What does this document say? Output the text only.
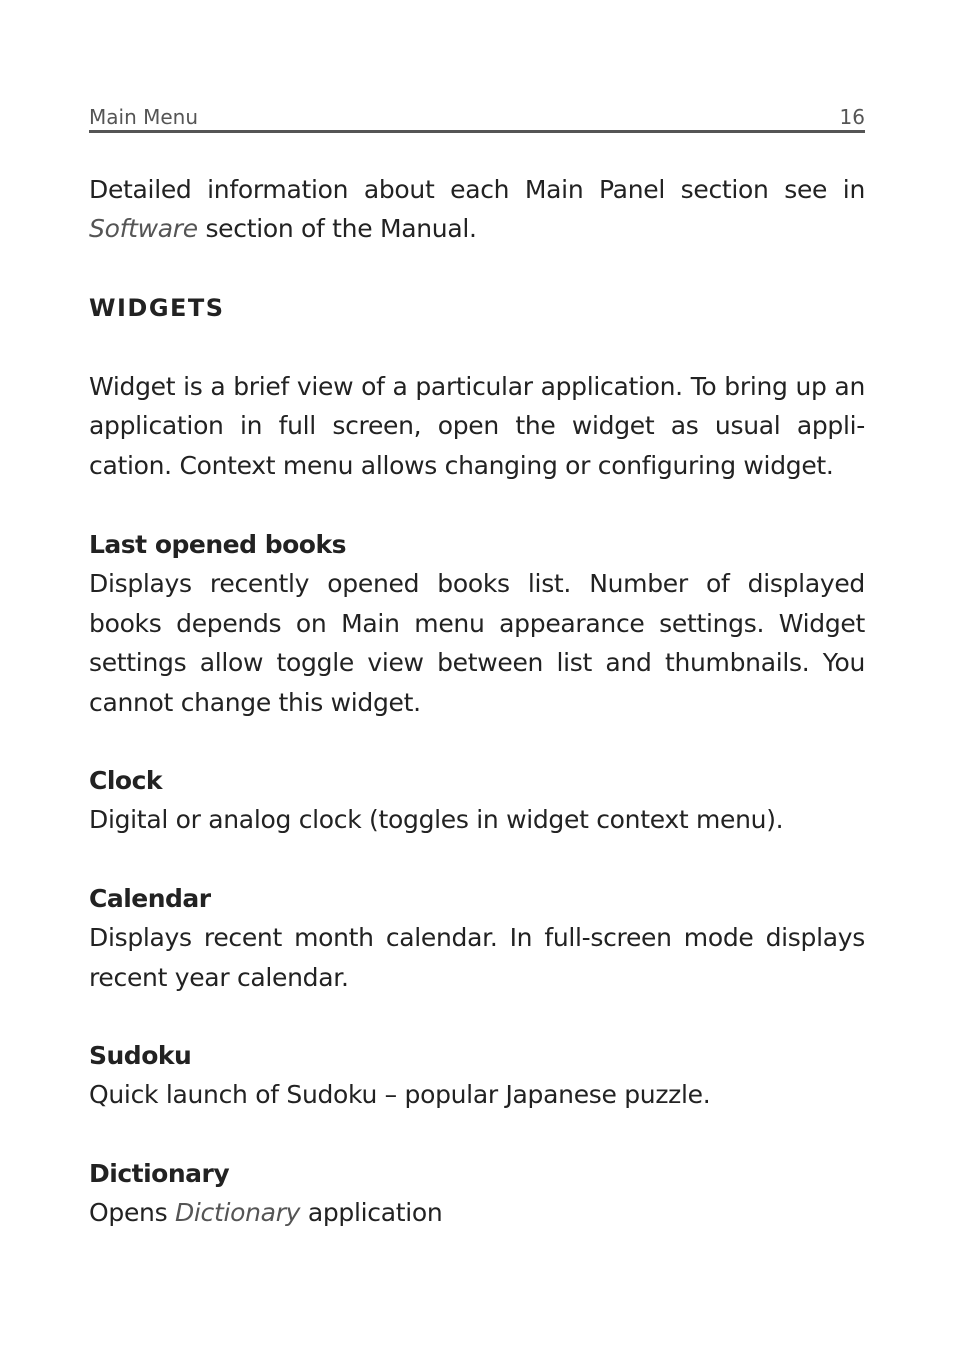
Main Menu	16

Detailed information about each Main Panel section see in Software section of the Manual.

WIDGETS

Widget is a brief view of a particular application. To bring up an application in full screen, open the widget as usual appli- cation. Context menu allows changing or configuring widget.

Last opened books

Displays recently opened books list. Number of displayed books depends on Main menu appearance settings. Widget settings allow toggle view between list and thumbnails. You cannot change this widget.

Clock

Digital or analog clock (toggles in widget context menu).

Calendar

Displays recent month calendar. In full-screen mode displays recent year calendar.

Sudoku

Quick launch of Sudoku – popular Japanese puzzle.

Dictionary

Opens Dictionary application
